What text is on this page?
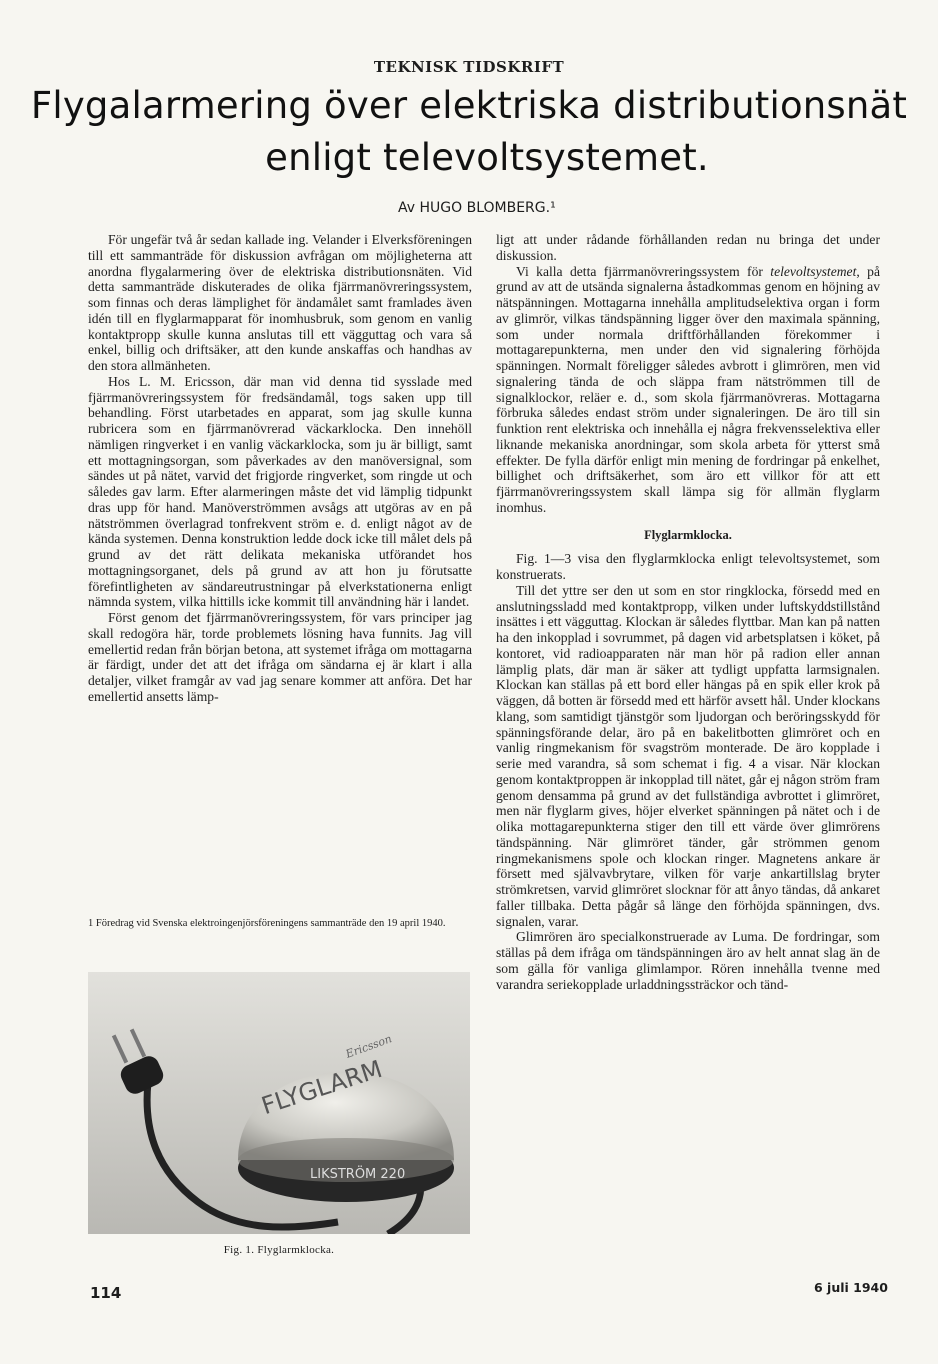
TEKNISK TIDSKRIFT
Flygalarmering över elektriska distributionsnät
enligt televoltsystemet.
Av HUGO BLOMBERG.¹

För ungefär två år sedan kallade ing. Velander i Elverksföreningen till ett sammanträde för diskussion avfrågan om möjligheterna att anordna flygalarmering över de elektriska distributionsnäten. Vid detta sammanträde diskuterades de olika fjärrmanövreringssystem, som finnas och deras lämplighet för ändamålet samt framlades även idén till en flyglarmapparat för inomhusbruk, som genom en vanlig kontaktpropp skulle kunna anslutas till ett vägguttag och vara så enkel, billig och driftsäker, att den kunde anskaffas och handhas av den stora allmänheten.

Hos L. M. Ericsson, där man vid denna tid sysslade med fjärrmanövreringssystem för fredsändamål, togs saken upp till behandling. Först utarbetades en apparat, som jag skulle kunna rubricera som en fjärrmanövrerad väckarklocka. Den innehöll nämligen ringverket i en vanlig väckarklocka, som ju är billigt, samt ett mottagningsorgan, som påverkades av den manöversignal, som sändes ut på nätet, varvid det frigjorde ringverket, som ringde ut och således gav larm. Efter alarmeringen måste det vid lämplig tidpunkt dras upp för hand. Manöverströmmen avsågs att utgöras av en på nätströmmen överlagrad tonfrekvent ström e. d. enligt något av de kända systemen. Denna konstruktion ledde dock icke till målet dels på grund av det rätt delikata mekaniska utförandet hos mottagningsorganet, dels på grund av att hon ju förutsatte förefintligheten av sändareutrustningar på elverkstationerna enligt nämnda system, vilka hittills icke kommit till användning här i landet.

Först genom det fjärrmanövreringssystem, för vars principer jag skall redogöra här, torde problemets lösning hava funnits. Jag vill emellertid redan från början betona, att systemet ifråga om mottagarna är färdigt, under det att det ifråga om sändarna ej är klart i alla detaljer, vilket framgår av vad jag senare kommer att anföra. Det har emellertid ansetts lämp-

1 Föredrag vid Svenska elektroingenjörsföreningens sammanträde den 19 april 1940.
FLYGLARM
Ericsson
LIKSTRÖM 220
Fig. 1. Flyglarmklocka.

ligt att under rådande förhållanden redan nu bringa det under diskussion.

Vi kalla detta fjärrmanövreringssystem för televoltsystemet, på grund av att de utsända signalerna åstadkommas genom en höjning av nätspänningen. Mottagarna innehålla amplitudselektiva organ i form av glimrör, vilkas tändspänning ligger över den maximala spänning, som under normala driftförhållanden förekommer i mottagarepunkterna, men under den vid signalering förhöjda spänningen. Normalt föreligger således avbrott i glimrören, men vid signalering tända de och släppa fram nätströmmen till de signalklockor, reläer e. d., som skola fjärrmanövreras. Mottagarna förbruka således endast ström under signaleringen. De äro till sin funktion rent elektriska och innehålla ej några frekvensselektiva eller liknande mekaniska anordningar, som skola arbeta för ytterst små effekter. De fylla därför enligt min mening de fordringar på enkelhet, billighet och driftsäkerhet, som äro ett villkor för att ett fjärrmanövreringssystem skall lämpa sig för allmän flyglarm inomhus.

Flyglarmklocka.

Fig. 1—3 visa den flyglarmklocka enligt televoltsystemet, som konstruerats.

Till det yttre ser den ut som en stor ringklocka, försedd med en anslutningssladd med kontaktpropp, vilken under luftskyddstillstånd insättes i ett vägguttag. Klockan är således flyttbar. Man kan på natten ha den inkopplad i sovrummet, på dagen vid arbetsplatsen i köket, på kontoret, vid radioapparaten när man hör på radion eller annan lämplig plats, där man är säker att tydligt uppfatta larmsignalen. Klockan kan ställas på ett bord eller hängas på en spik eller krok på väggen, då botten är försedd med ett härför avsett hål. Under klockans klang, som samtidigt tjänstgör som ljudorgan och beröringsskydd för spänningsförande delar, äro på en bakelitbotten glimröret och en vanlig ringmekanism för svagström monterade. De äro kopplade i serie med varandra, så som schemat i fig. 4 a visar. När klockan genom kontaktproppen är inkopplad till nätet, går ej någon ström fram genom densamma på grund av det fullständiga avbrottet i glimröret, men när flyglarm gives, höjer elverket spänningen på nätet och i de olika mottagarepunkterna stiger den till ett värde över glimrörens tändspänning. När glimröret tänder, går strömmen genom ringmekanismens spole och klockan ringer. Magnetens ankare är försett med självavbrytare, vilken för varje ankartillslag bryter strömkretsen, varvid glimröret slocknar för att ånyo tändas, då ankaret faller tillbaka. Detta pågår så länge den förhöjda spänningen, dvs. signalen, varar.

Glimrören äro specialkonstruerade av Luma. De fordringar, som ställas på dem ifråga om tändspänningen äro av helt annat slag än de som gälla för vanliga glimlampor. Rören innehålla tvenne med varandra seriekopplade urladdningssträckor och tänd-

114	6 juli 1940
